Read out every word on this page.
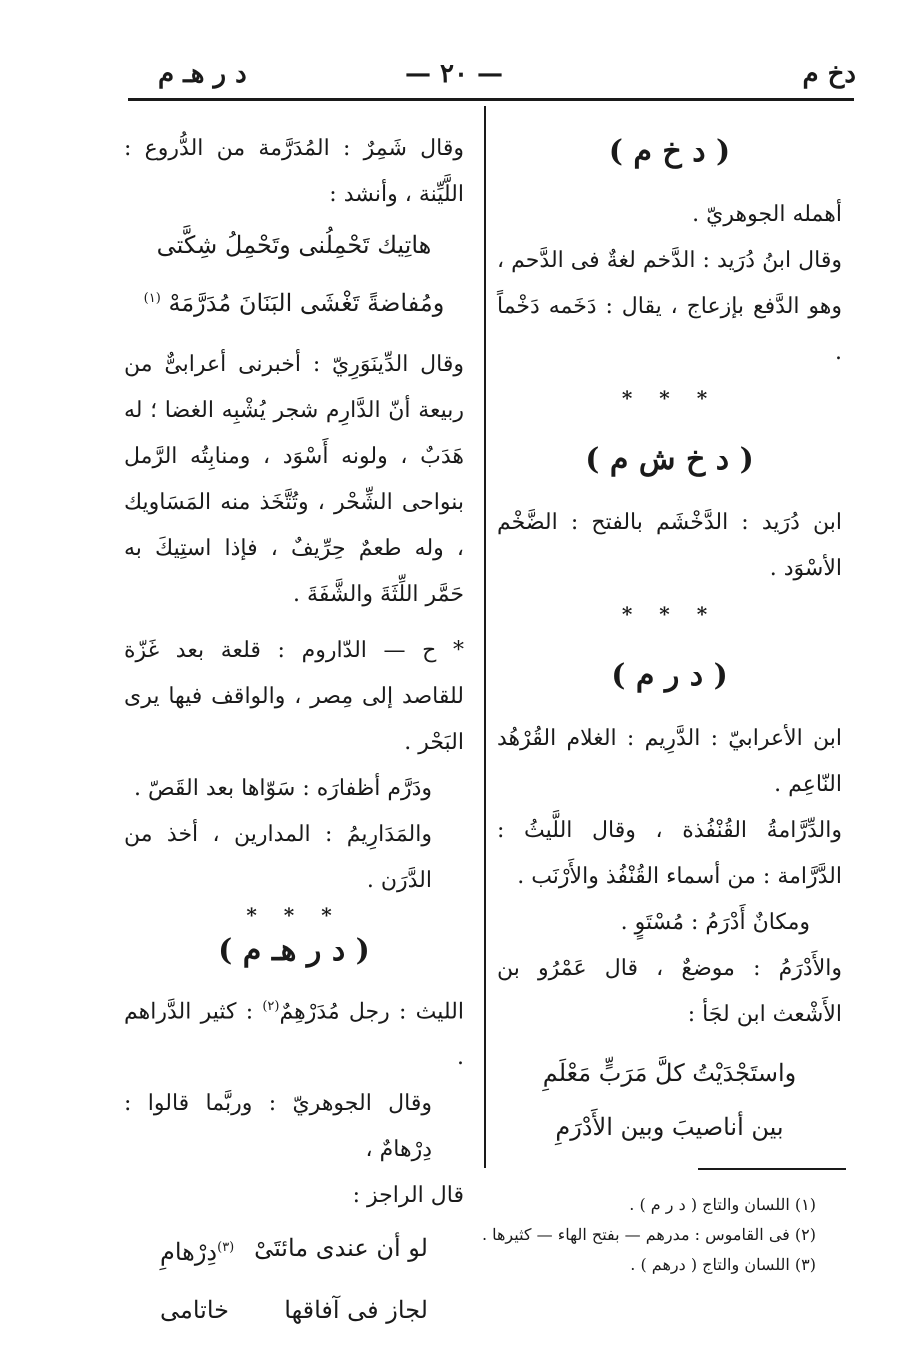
دخ م
— ٢٠ —
د ر هـ م
( د خ م )

أهمله الجوهريّ .

وقال ابنُ دُرَيد : الدَّخم لغةٌ فى الدَّحم ، وهو الدَّفع بإزعاج ، يقال : دَخَمه دَخْماً .

* * *
( د خ ش م )

ابن دُرَيد : الدَّخْشَم بالفتح : الضَّخْم الأسْوَد .

* * *
( د ر م )

ابن الأعرابيّ : الدَّرِيم : الغلام القُرْهُد النّاعِم .

والدِّرَّامةُ القُنْفُذة ، وقال اللَّيثُ : الدَّرَّامة : من أسماء القُنْفُذ والأَرْنَب .

ومكانٌ أَدْرَمُ : مُسْتَوٍ .

والأَدْرَمُ : موضعٌ ، قال عَمْرُو بن الأَشْعث ابن لجَأ :

واستَجْدَيْتُ كلَّ مَرَبٍّ مَعْلَمِ
بين أناصيبَ وبين الأَدْرَمِ

وقال شَمِرٌ : المُدَرَّمة من الدُّروع : اللَّيِّنة ، وأنشد :

هاتِيك تَحْمِلُنى وتَحْمِلُ شِكَّتى
ومُفاضةً تَغْشَى البَنَانَ مُدَرَّمَهْ $^{(١)}$

وقال الدِّينَوَرِيّ : أخبرنى أعرابىٌّ من ربيعة أنّ الدَّارِم شجر يُشْبِه الغضا ؛ له هَدَبٌ ، ولونه أَسْوَد ، ومنابِتُه الرَّمل بنواحى الشِّحْر ، وتُتَّخَذ منه المَسَاويك ، وله طعمٌ حِرِّيفٌ ، فإذا استِيكَ به حَمَّر اللِّثَةَ والشَّفَةَ .

* ح — الدّاروم : قلعة بعد غَزّة للقاصد إلى مِصر ، والواقف فيها يرى البَحْر .

ودَرَّم أظفارَه : سَوّاها بعد القَصّ .

والمَدَارِيمُ : المدارين ، أخذ من الدَّرَن .

* * *
( د ر هـ م )

الليث : رجل مُدَرْهِمٌ$^{(٢)}$ : كثير الدَّراهم .

وقال الجوهريّ : وربَّما قالوا : دِرْهامٌ ،

قال الراجز :

لو أن عندى مائتَىْ
$^{(٣)}$دِرْهامِ
لجاز فى آفاقها
خاتامى
(١) اللسان والتاج ( د ر م ) .
(٢) فى القاموس : مدرهم — بفتح الهاء — كثيرها .
(٣) اللسان والتاج ( درهم ) .
